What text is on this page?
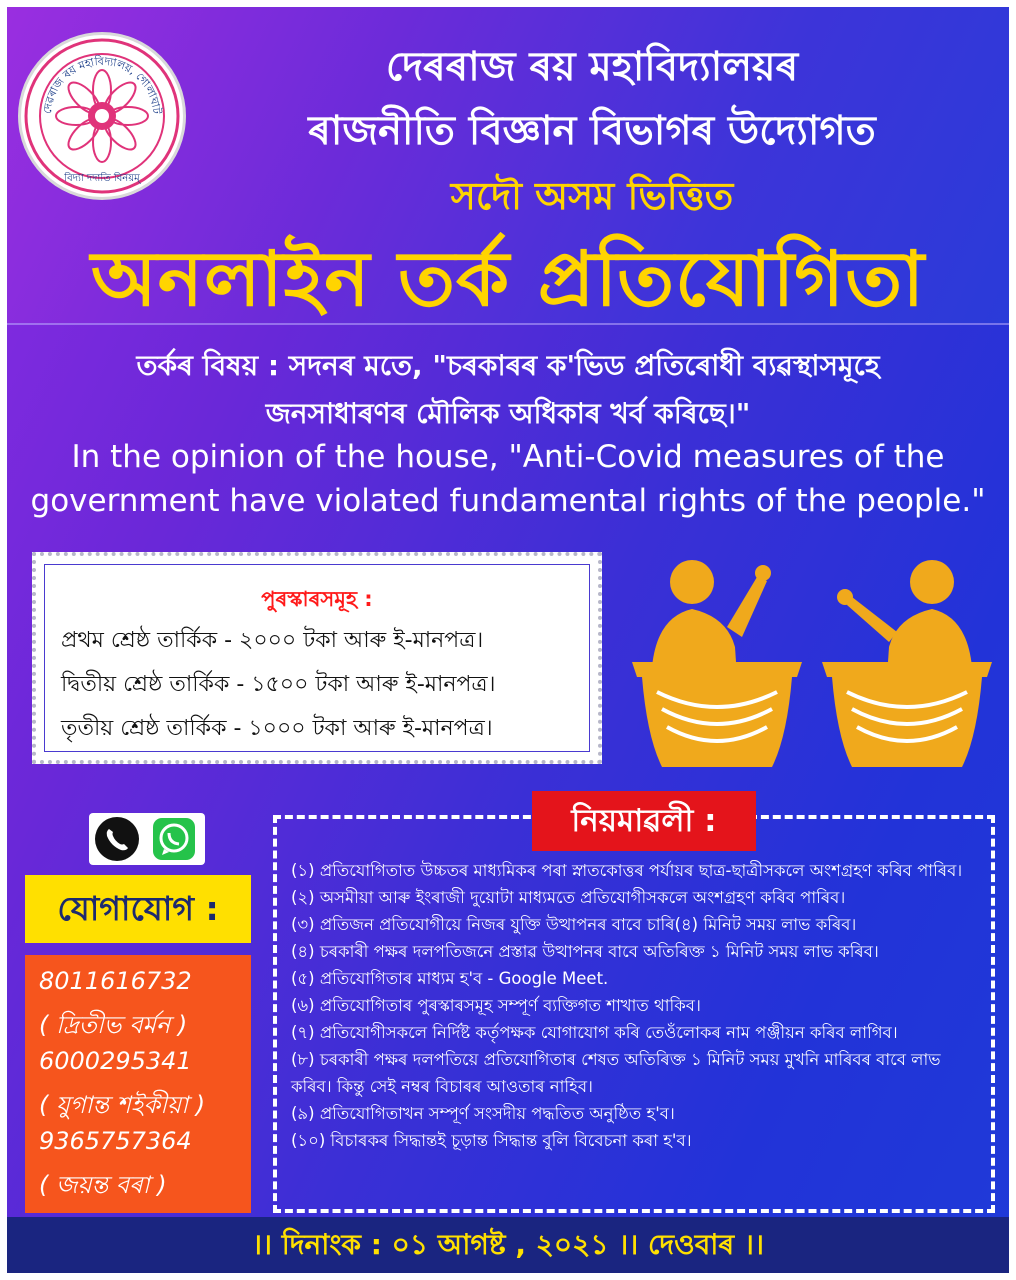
দেৱৰাজ ৰয় মহাবিদ্যালয়, গোলাঘাট
বিদ্যা দদাতি বিনয়ম্
দেৰৰাজ ৰয় মহাবিদ্যালয়ৰ
ৰাজনীতি বিজ্ঞান বিভাগৰ উদ্যোগত
সদৌ অসম ভিত্তিত
অনলাইন তৰ্ক প্ৰতিযোগিতা
তৰ্কৰ বিষয় : সদনৰ মতে, "চৰকাৰৰ ক'ভিড প্ৰতিৰোধী ব্যৱস্থাসমূহে
জনসাধাৰণৰ মৌলিক অধিকাৰ খৰ্ব কৰিছে।"
In the opinion of the house, "Anti-Covid measures of the
government have violated fundamental rights of the people."
পুৰস্কাৰসমূহ :
প্ৰথম শ্ৰেষ্ঠ তাৰ্কিক - ২০০০ টকা আৰু ই-মানপত্ৰ।
দ্বিতীয় শ্ৰেষ্ঠ তাৰ্কিক - ১৫০০ টকা আৰু ই-মানপত্ৰ।
তৃতীয় শ্ৰেষ্ঠ তাৰ্কিক - ১০০০ টকা আৰু ই-মানপত্ৰ।
যোগাযোগ :
8011616732
( দ্ৰিতীভ বৰ্মন )
6000295341
( যুগান্ত শইকীয়া )
9365757364
( জয়ন্ত বৰা )
(১) প্ৰতিযোগিতাত উচ্চতৰ মাধ্যমিকৰ পৰা স্নাতকোত্তৰ পৰ্যায়ৰ ছাত্ৰ-ছাত্ৰীসকলে অংশগ্ৰহণ কৰিব পাৰিব।
(২) অসমীয়া আৰু ইংৰাজী দুয়োটা মাধ্যমতে প্ৰতিযোগীসকলে অংশগ্ৰহণ কৰিব পাৰিব।
(৩) প্ৰতিজন প্ৰতিযোগীয়ে নিজৰ যুক্তি উত্থাপনৰ বাবে চাৰি(৪) মিনিট সময় লাভ কৰিব।
(৪) চৰকাৰী পক্ষৰ দলপতিজনে প্ৰস্তাৱ উত্থাপনৰ বাবে অতিৰিক্ত ১ মিনিট সময় লাভ কৰিব।
(৫) প্ৰতিযোগিতাৰ মাধ্যম হ'ব - Google Meet.
(৬) প্ৰতিযোগিতাৰ পুৰস্কাৰসমূহ সম্পূৰ্ণ ব্যক্তিগত শাখাত থাকিব।
(৭) প্ৰতিযোগীসকলে নিৰ্দিষ্ট কৰ্তৃপক্ষক যোগাযোগ কৰি তেওঁলোকৰ নাম পঞ্জীয়ন কৰিব লাগিব।
(৮) চৰকাৰী পক্ষৰ দলপতিয়ে প্ৰতিযোগিতাৰ শেষত অতিৰিক্ত ১ মিনিট সময় মুখনি মাৰিবৰ বাবে লাভ কৰিব। কিন্তু সেই নম্বৰ বিচাৰৰ আওতাৰ নাহিব।
(৯) প্ৰতিযোগিতাখন সম্পূৰ্ণ সংসদীয় পদ্ধতিত অনুষ্ঠিত হ'ব।
(১০) বিচাৰকৰ সিদ্ধান্তই চূড়ান্ত সিদ্ধান্ত বুলি বিবেচনা কৰা হ'ব।
নিয়মাৱলী :
।। দিনাংক : ০১ আগষ্ট , ২০২১ ।। দেওবাৰ ।।
